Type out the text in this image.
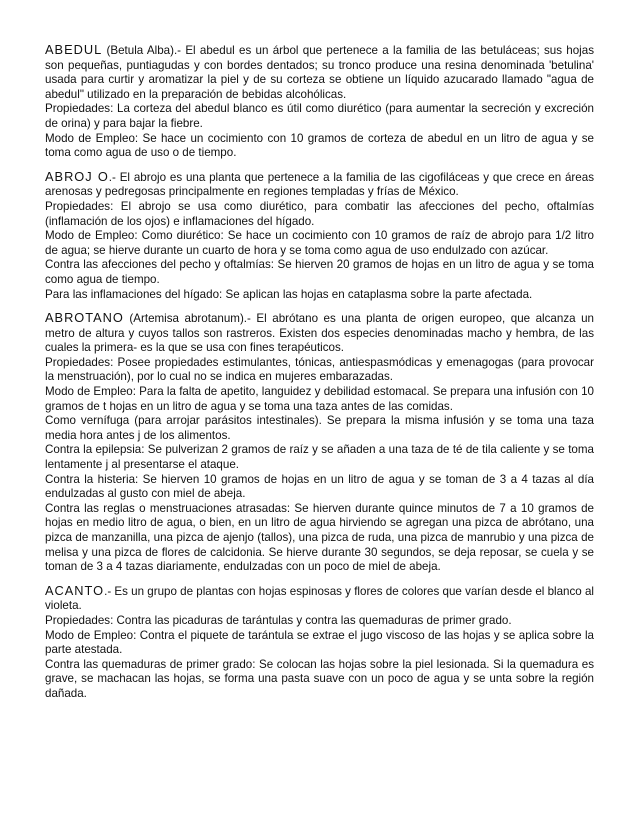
ABEDUL (Betula Alba).- El abedul es un árbol que pertenece a la familia de las betuláceas; sus hojas son pequeñas, puntiagudas y con bordes dentados; su tronco produce una resina denominada 'betulina' usada para curtir y aromatizar la piel y de su corteza se obtiene un líquido azucarado llamado "agua de abedul" utilizado en la preparación de bebidas alcohólicas.

Propiedades: La corteza del abedul blanco es útil como diurético (para aumentar la secreción y excreción de orina) y para bajar la fiebre.

Modo de Empleo: Se hace un cocimiento con 10 gramos de corteza de abedul en un litro de agua y se toma como agua de uso o de tiempo.

ABROJ O.- El abrojo es una planta que pertenece a la familia de las cigofiláceas y que crece en áreas arenosas y pedregosas principalmente en regiones templadas y frías de México.

Propiedades: El abrojo se usa como diurético, para combatir las afecciones del pecho, oftalmías (inflamación de los ojos) e inflamaciones del hígado.

Modo de Empleo: Como diurético: Se hace un cocimiento con 10 gramos de raíz de abrojo para 1/2 litro de agua; se hierve durante un cuarto de hora y se toma como agua de uso endulzado con azúcar.

Contra las afecciones del pecho y oftalmías: Se hierven 20 gramos de hojas en un litro de agua y se toma como agua de tiempo.

Para las inflamaciones del hígado: Se aplican las hojas en cataplasma sobre la parte afectada.

ABROTANO (Artemisa abrotanum).- El abrótano es una planta de origen europeo, que alcanza un metro de altura y cuyos tallos son rastreros. Existen dos especies denominadas macho y hembra, de las cuales la primera- es la que se usa con fines terapéuticos.

Propiedades: Posee propiedades estimulantes, tónicas, antiespasmódicas y emenagogas (para provocar la menstruación), por lo cual no se indica en mujeres embarazadas.

Modo de Empleo: Para la falta de apetito, languidez y debilidad estomacal. Se prepara una infusión con 10 gramos de t hojas en un litro de agua y se toma una taza antes de las comidas.

Como vernífuga (para arrojar parásitos intestinales). Se prepara la misma infusión y se toma una taza media hora antes j de los alimentos.

Contra la epilepsia: Se pulverizan 2 gramos de raíz y se añaden a una taza de té de tila caliente y se toma lentamente j al presentarse el ataque.

Contra la histeria: Se hierven 10 gramos de hojas en un litro de agua y se toman de 3 a 4 tazas al día endulzadas al gusto con miel de abeja.

Contra las reglas o menstruaciones atrasadas: Se hierven durante quince minutos de 7 a 10 gramos de hojas en medio litro de agua, o bien, en un litro de agua hirviendo se agregan una pizca de abrótano, una pizca de manzanilla, una pizca de ajenjo (tallos), una pizca de ruda, una pizca de manrubio y una pizca de melisa y una pizca de flores de calcidonia. Se hierve durante 30 segundos, se deja reposar, se cuela y se toman de 3 a 4 tazas diariamente, endulzadas con un poco de miel de abeja.

ACANTO.- Es un grupo de plantas con hojas espinosas y flores de colores que varían desde el blanco al violeta.

Propiedades: Contra las picaduras de tarántulas y contra las quemaduras de primer grado.

Modo de Empleo: Contra el piquete de tarántula se extrae el jugo viscoso de las hojas y se aplica sobre la parte atestada.

Contra las quemaduras de primer grado: Se colocan las hojas sobre la piel lesionada. Si la quemadura es grave, se machacan las hojas, se forma una pasta suave con un poco de agua y se unta sobre la región dañada.
